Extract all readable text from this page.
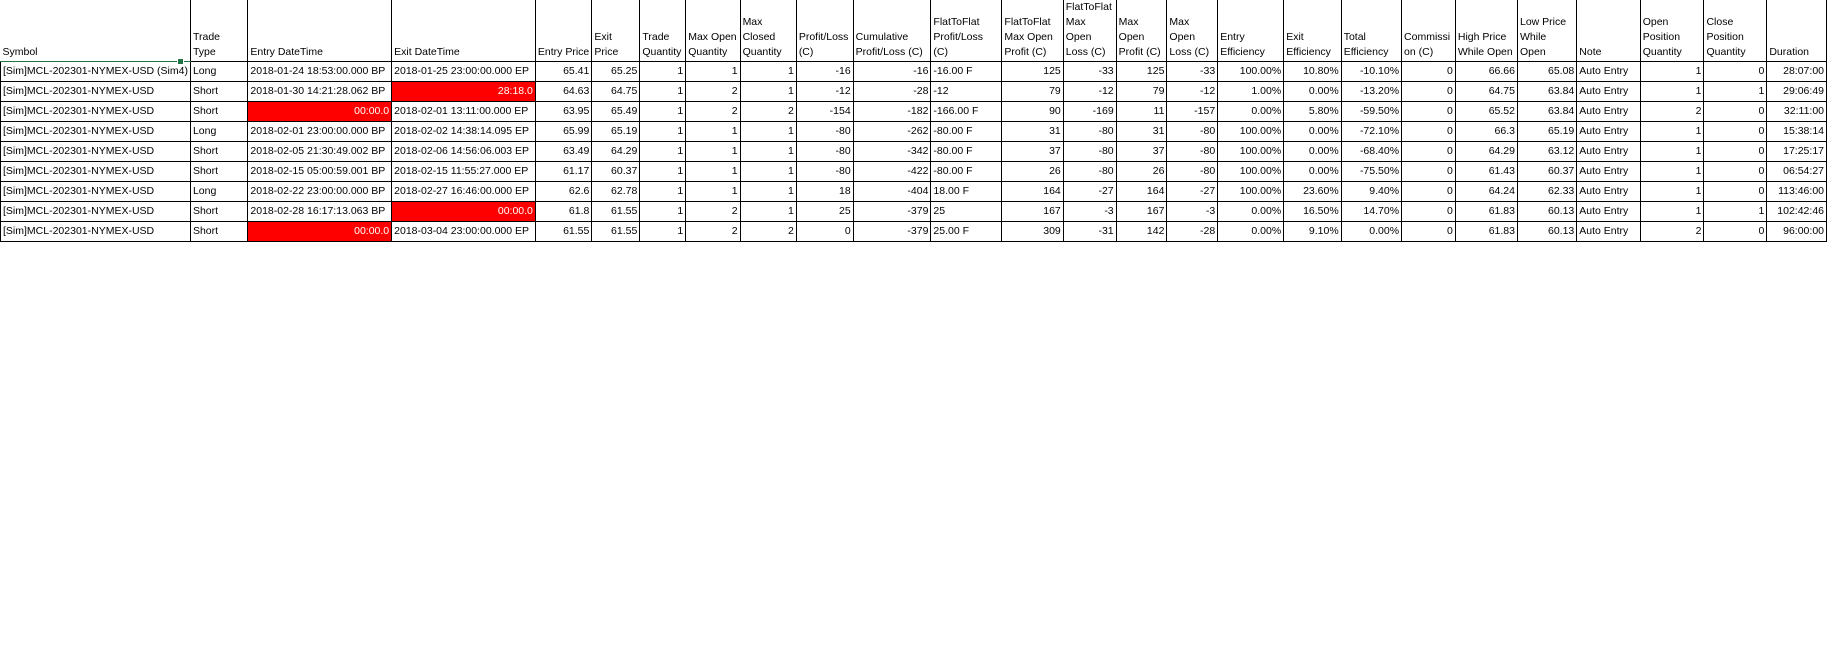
Symbol	Trade Type	Entry DateTime	Exit DateTime	Entry Price	Exit Price	Trade Quantity	Max Open Quantity	Max Closed Quantity	Profit/Loss (C)	Cumulative Profit/Loss (C)	FlatToFlat Profit/Loss (C)	FlatToFlat Max Open Profit (C)	FlatToFlat Max Open Loss (C)	Max Open Profit (C)	Max Open Loss (C)	Entry Efficiency	Exit Efficiency	Total Efficiency	Commissi on (C)	High Price While Open	Low Price While Open	Note	Open Position Quantity	Close Position Quantity	Duration
[Sim]MCL-202301-NYMEX-USD (Sim4)	Long	2018-01-24 18:53:00.000 BP	2018-01-25 23:00:00.000 EP	65.41	65.25	1	1	1	-16	-16	-16.00 F	125	-33	125	-33	100.00%	10.80%	-10.10%	0	66.66	65.08	Auto Entry	1	0	28:07:00
[Sim]MCL-202301-NYMEX-USD	Short	2018-01-30 14:21:28.062 BP	28:18.0	64.63	64.75	1	2	1	-12	-28	-12	79	-12	79	-12	1.00%	0.00%	-13.20%	0	64.75	63.84	Auto Entry	1	1	29:06:49
[Sim]MCL-202301-NYMEX-USD	Short	00:00.0	2018-02-01 13:11:00.000 EP	63.95	65.49	1	2	2	-154	-182	-166.00 F	90	-169	11	-157	0.00%	5.80%	-59.50%	0	65.52	63.84	Auto Entry	2	0	32:11:00
[Sim]MCL-202301-NYMEX-USD	Long	2018-02-01 23:00:00.000 BP	2018-02-02 14:38:14.095 EP	65.99	65.19	1	1	1	-80	-262	-80.00 F	31	-80	31	-80	100.00%	0.00%	-72.10%	0	66.3	65.19	Auto Entry	1	0	15:38:14
[Sim]MCL-202301-NYMEX-USD	Short	2018-02-05 21:30:49.002 BP	2018-02-06 14:56:06.003 EP	63.49	64.29	1	1	1	-80	-342	-80.00 F	37	-80	37	-80	100.00%	0.00%	-68.40%	0	64.29	63.12	Auto Entry	1	0	17:25:17
[Sim]MCL-202301-NYMEX-USD	Short	2018-02-15 05:00:59.001 BP	2018-02-15 11:55:27.000 EP	61.17	60.37	1	1	1	-80	-422	-80.00 F	26	-80	26	-80	100.00%	0.00%	-75.50%	0	61.43	60.37	Auto Entry	1	0	06:54:27
[Sim]MCL-202301-NYMEX-USD	Long	2018-02-22 23:00:00.000 BP	2018-02-27 16:46:00.000 EP	62.6	62.78	1	1	1	18	-404	18.00 F	164	-27	164	-27	100.00%	23.60%	9.40%	0	64.24	62.33	Auto Entry	1	0	113:46:00
[Sim]MCL-202301-NYMEX-USD	Short	2018-02-28 16:17:13.063 BP	00:00.0	61.8	61.55	1	2	1	25	-379	25	167	-3	167	-3	0.00%	16.50%	14.70%	0	61.83	60.13	Auto Entry	1	1	102:42:46
[Sim]MCL-202301-NYMEX-USD	Short	00:00.0	2018-03-04 23:00:00.000 EP	61.55	61.55	1	2	2	0	-379	25.00 F	309	-31	142	-28	0.00%	9.10%	0.00%	0	61.83	60.13	Auto Entry	2	0	96:00:00
